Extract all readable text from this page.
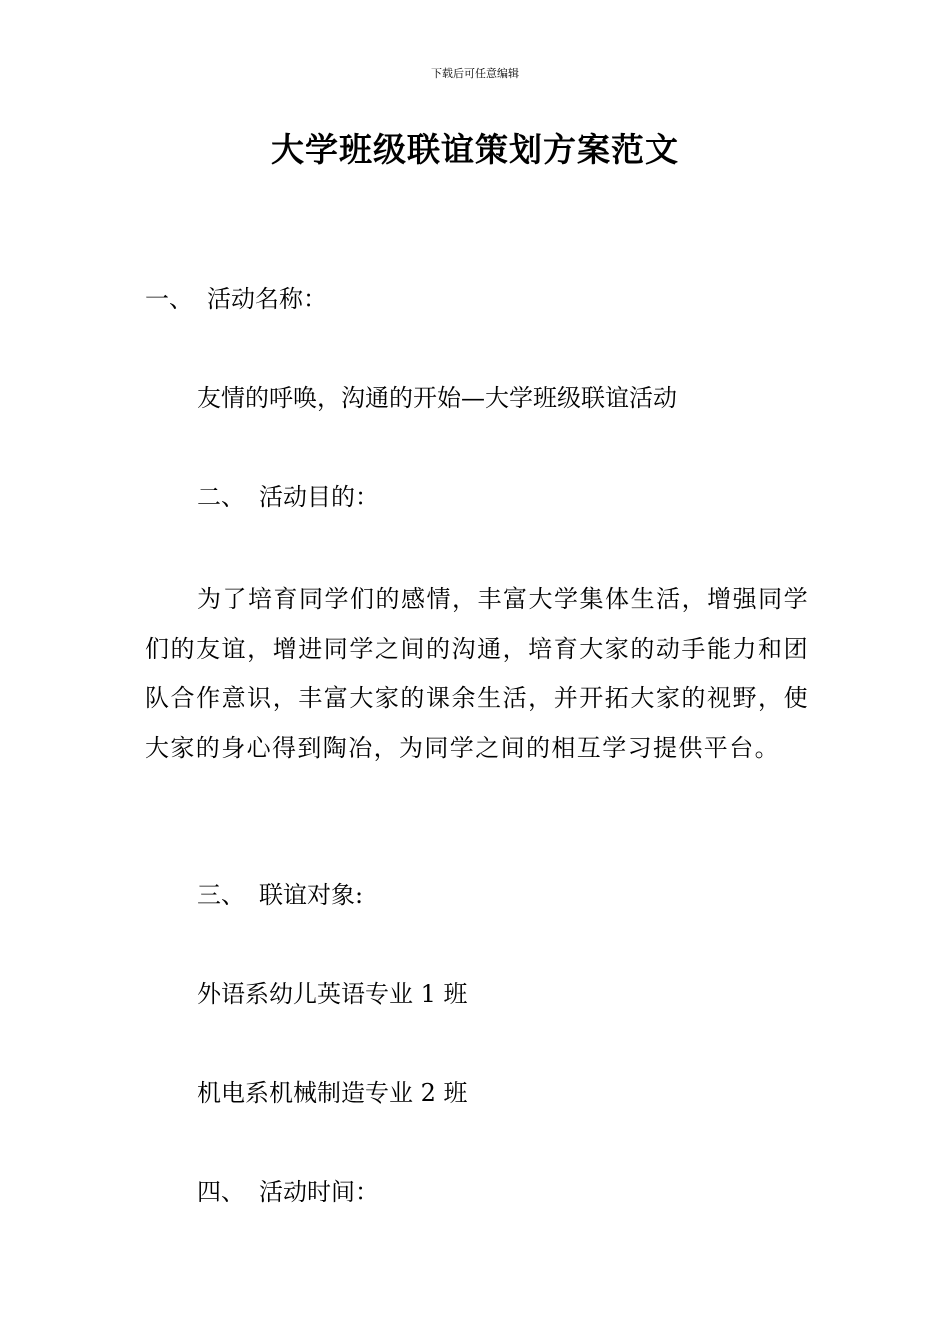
下载后可任意编辑
大学班级联谊策划方案范文
一、 活动名称：
友情的呼唤，沟通的开始—大学班级联谊活动
二、 活动目的：

为了培育同学们的感情，丰富大学集体生活，增强同学们的友谊，增进同学之间的沟通，培育大家的动手能力和团队合作意识，丰富大家的课余生活，并开拓大家的视野，使大家的身心得到陶冶，为同学之间的相互学习提供平台。

三、 联谊对象:
外语系幼儿英语专业 1 班
机电系机械制造专业 2 班
四、 活动时间：
